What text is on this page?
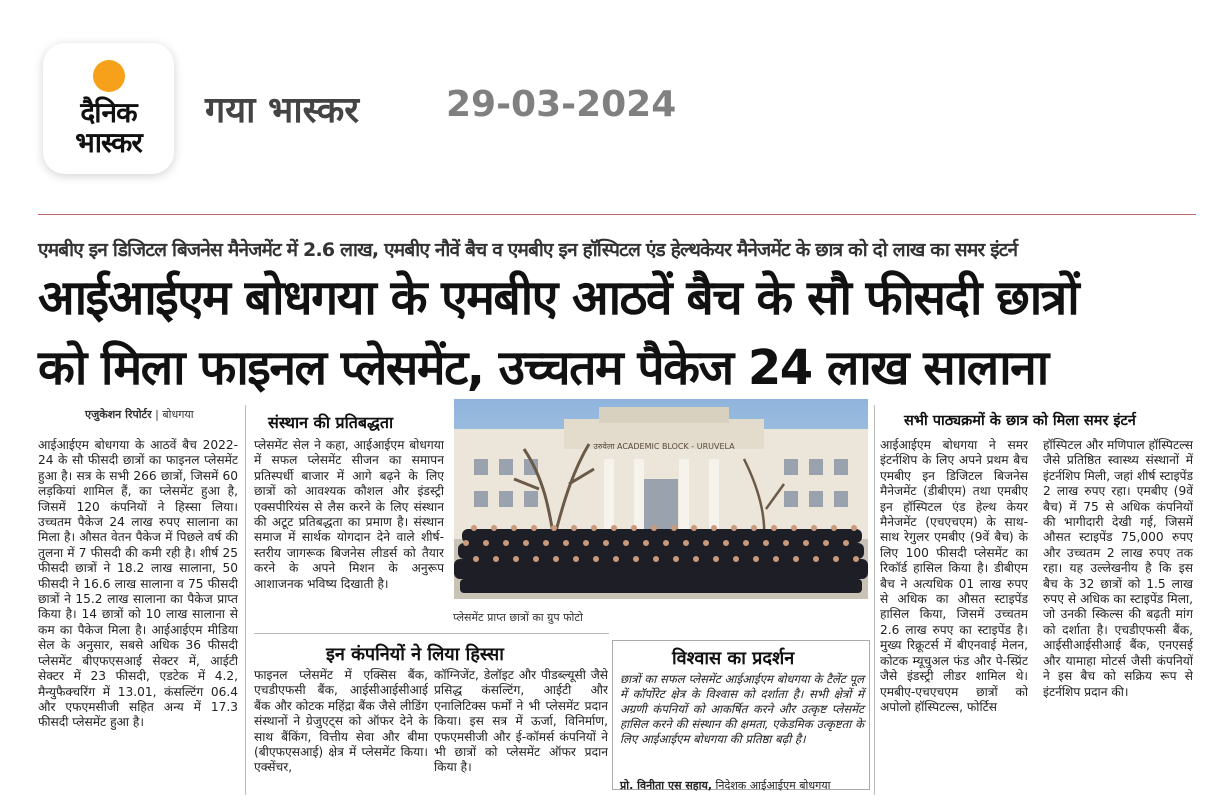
दैनिक
भास्कर
गया भास्कर 29-03-2024
एमबीए इन डिजिटल बिजनेस मैनेजमेंट में 2.6 लाख, एमबीए नौवें बैच व एमबीए इन हॉस्पिटल एंड हेल्थकेयर मैनेजमेंट के छात्र को दो लाख का समर इंटर्न
आईआईएम बोधगया के एमबीए आठवें बैच के सौ फीसदी छात्रों
को मिला फाइनल प्लेसमेंट, उच्चतम पैकेज 24 लाख सालाना
एजुकेशन रिपोर्टर | बोधगया

आईआईएम बोधगया के आठवें बैच 2022-24 के सौ फीसदी छात्रों का फाइनल प्लेसमेंट हुआ है। सत्र के सभी 266 छात्रों, जिसमें 60 लड़कियां शामिल हैं, का प्लेसमेंट हुआ है, जिसमें 120 कंपनियों ने हिस्सा लिया। उच्चतम पैकेज 24 लाख रुपए सालाना का मिला है। औसत वेतन पैकेज में पिछले वर्ष की तुलना में 7 फीसदी की कमी रही है। शीर्ष 25 फीसदी छात्रों ने 18.2 लाख सालाना, 50 फीसदी ने 16.6 लाख सालाना व 75 फीसदी छात्रों ने 15.2 लाख सालाना का पैकेज प्राप्त किया है। 14 छात्रों को 10 लाख सालाना से कम का पैकेज मिला है। आईआईएम मीडिया सेल के अनुसार, सबसे अधिक 36 फीसदी प्लेसमेंट बीएफएसआई सेक्टर में, आईटी सेक्टर में 23 फीसदी, एडटेक में 4.2, मैन्युफैक्चरिंग में 13.01, कंसल्टिंग 06.4 और एफएमसीजी सहित अन्य में 17.3 फीसदी प्लेसमेंट हुआ है।

संस्थान की प्रतिबद्धता

प्लेसमेंट सेल ने कहा, आईआईएम बोधगया में सफल प्लेसमेंट सीजन का समापन प्रतिस्पर्धी बाजार में आगे बढ़ने के लिए छात्रों को आवश्यक कौशल और इंडस्ट्री एक्सपीरियंस से लैस करने के लिए संस्थान की अटूट प्रतिबद्धता का प्रमाण है। संस्थान समाज में सार्थक योगदान देने वाले शीर्ष-स्तरीय जागरूक बिजनेस लीडर्स को तैयार करने के अपने मिशन के अनुरूप आशाजनक भविष्य दिखाती है।

उरुवेला ACADEMIC BLOCK - URUVELA
प्लेसमेंट प्राप्त छात्रों का ग्रुप फोटो
इन कंपनियों ने लिया हिस्सा

फाइनल प्लेसमेंट में एक्सिस बैंक, एचडीएफसी बैंक, आईसीआईसीआई बैंक और कोटक महिंद्रा बैंक जैसे लीडिंग संस्थानों ने ग्रेजुएट्स को ऑफर देने के साथ बैंकिंग, वित्तीय सेवा और बीमा (बीएफएसआई) क्षेत्र में प्लेसमेंट किया। एक्सेंचर,

कॉग्निजेंट, डेलॉइट और पीडब्ल्यूसी जैसे प्रसिद्ध कंसल्टिंग, आईटी और एनालिटिक्स फर्मों ने भी प्लेसमेंट प्रदान किया। इस सत्र में ऊर्जा, विनिर्माण, एफएमसीजी और ई-कॉमर्स कंपनियों ने भी छात्रों को प्लेसमेंट ऑफर प्रदान किया है।

विश्वास का प्रदर्शन
छात्रों का सफल प्लेसमेंट आईआईएम बोधगया के टैलेंट पूल में कॉर्पोरेट क्षेत्र के विश्वास को दर्शाता है। सभी क्षेत्रों में अग्रणी कंपनियों को आकर्षित करने और उत्कृष्ट प्लेसमेंट हासिल करने की संस्थान की क्षमता, एकेडमिक उत्कृष्टता के लिए आईआईएम बोधगया की प्रतिष्ठा बढ़ी है।
प्रो. विनीता एस सहाय, निदेशक आईआईएम बोधगया
सभी पाठ्यक्रमों के छात्र को मिला समर इंटर्न

आईआईएम बोधगया ने समर इंटर्नशिप के लिए अपने प्रथम बैच एमबीए इन डिजिटल बिजनेस मैनेजमेंट (डीबीएम) तथा एमबीए इन हॉस्पिटल एंड हेल्थ केयर मैनेजमेंट (एचएचएम) के साथ-साथ रेगुलर एमबीए (9वें बैच) के लिए 100 फीसदी प्लेसमेंट का रिकॉर्ड हासिल किया है। डीबीएम बैच ने अत्यधिक 01 लाख रुपए से अधिक का औसत स्टाइपेंड हासिल किया, जिसमें उच्चतम 2.6 लाख रुपए का स्टाइपेंड है। मुख्य रिक्रूटर्स में बीएनवाई मेलन, कोटक म्यूचुअल फंड और पे-स्प्रिंट जैसे इंडस्ट्री लीडर शामिल थे। एमबीए-एचएचएम छात्रों को अपोलो हॉस्पिटल्स, फोर्टिस

हॉस्पिटल और मणिपाल हॉस्पिटल्स जैसे प्रतिष्ठित स्वास्थ्य संस्थानों में इंटर्नशिप मिली, जहां शीर्ष स्टाइपेंड 2 लाख रुपए रहा। एमबीए (9वें बैच) में 75 से अधिक कंपनियों की भागीदारी देखी गई, जिसमें औसत स्टाइपेंड 75,000 रुपए और उच्चतम 2 लाख रुपए तक रहा। यह उल्लेखनीय है कि इस बैच के 32 छात्रों को 1.5 लाख रुपए से अधिक का स्टाइपेंड मिला, जो उनकी स्किल्स की बढ़ती मांग को दर्शाता है। एचडीएफसी बैंक, आईसीआईसीआई बैंक, एनएसई और यामाहा मोटर्स जैसी कंपनियों ने इस बैच को सक्रिय रूप से इंटर्नशिप प्रदान की।
